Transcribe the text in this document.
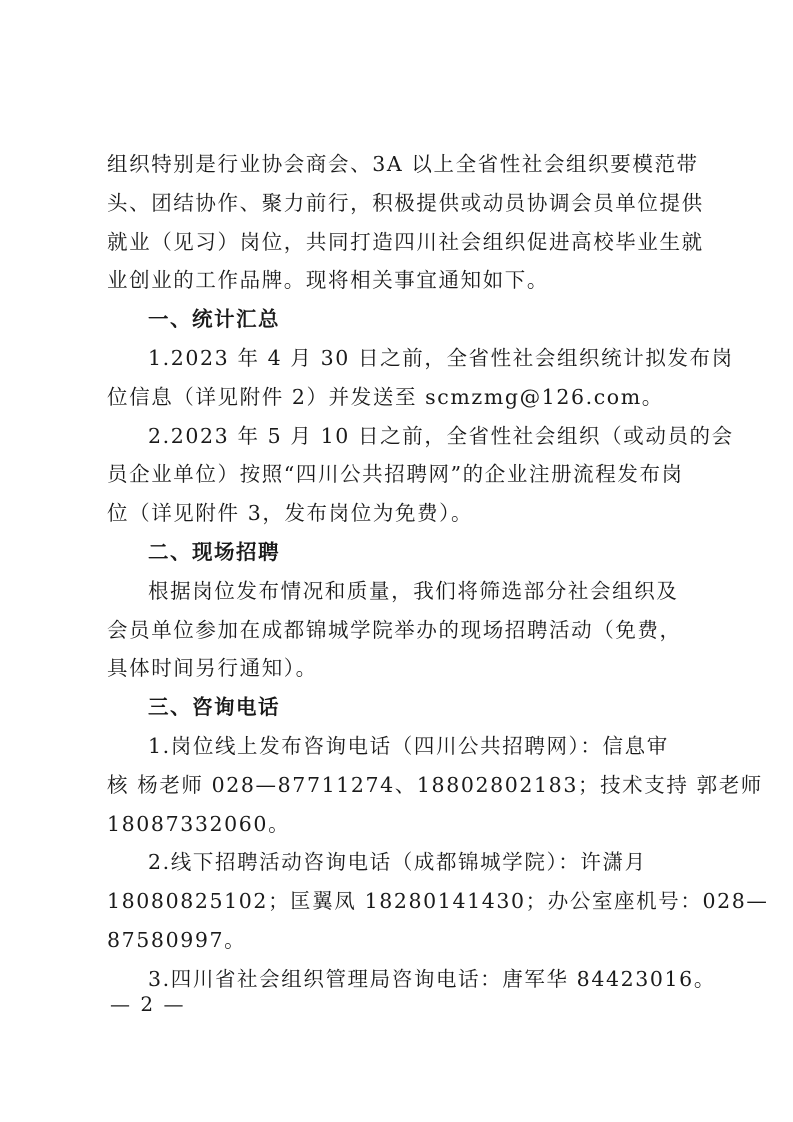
组织特别是行业协会商会、3A 以上全省性社会组织要模范带
头、团结协作、聚力前行，积极提供或动员协调会员单位提供
就业（见习）岗位，共同打造四川社会组织促进高校毕业生就
业创业的工作品牌。现将相关事宜通知如下。
一、统计汇总
1.2023 年 4 月 30 日之前，全省性社会组织统计拟发布岗
位信息（详见附件 2）并发送至 scmzmg@126.com。
2.2023 年 5 月 10 日之前，全省性社会组织（或动员的会
员企业单位）按照“四川公共招聘网”的企业注册流程发布岗
位（详见附件 3，发布岗位为免费）。
二、现场招聘
根据岗位发布情况和质量，我们将筛选部分社会组织及
会员单位参加在成都锦城学院举办的现场招聘活动（免费，
具体时间另行通知）。
三、咨询电话
1.岗位线上发布咨询电话（四川公共招聘网）：信息审
核 杨老师 028—87711274、18802802183；技术支持 郭老师
18087332060。
2.线下招聘活动咨询电话（成都锦城学院）：许潇月
18080825102；匡翼凤 18280141430；办公室座机号：028—
87580997。
3.四川省社会组织管理局咨询电话：唐军华 84423016。
— 2 —
